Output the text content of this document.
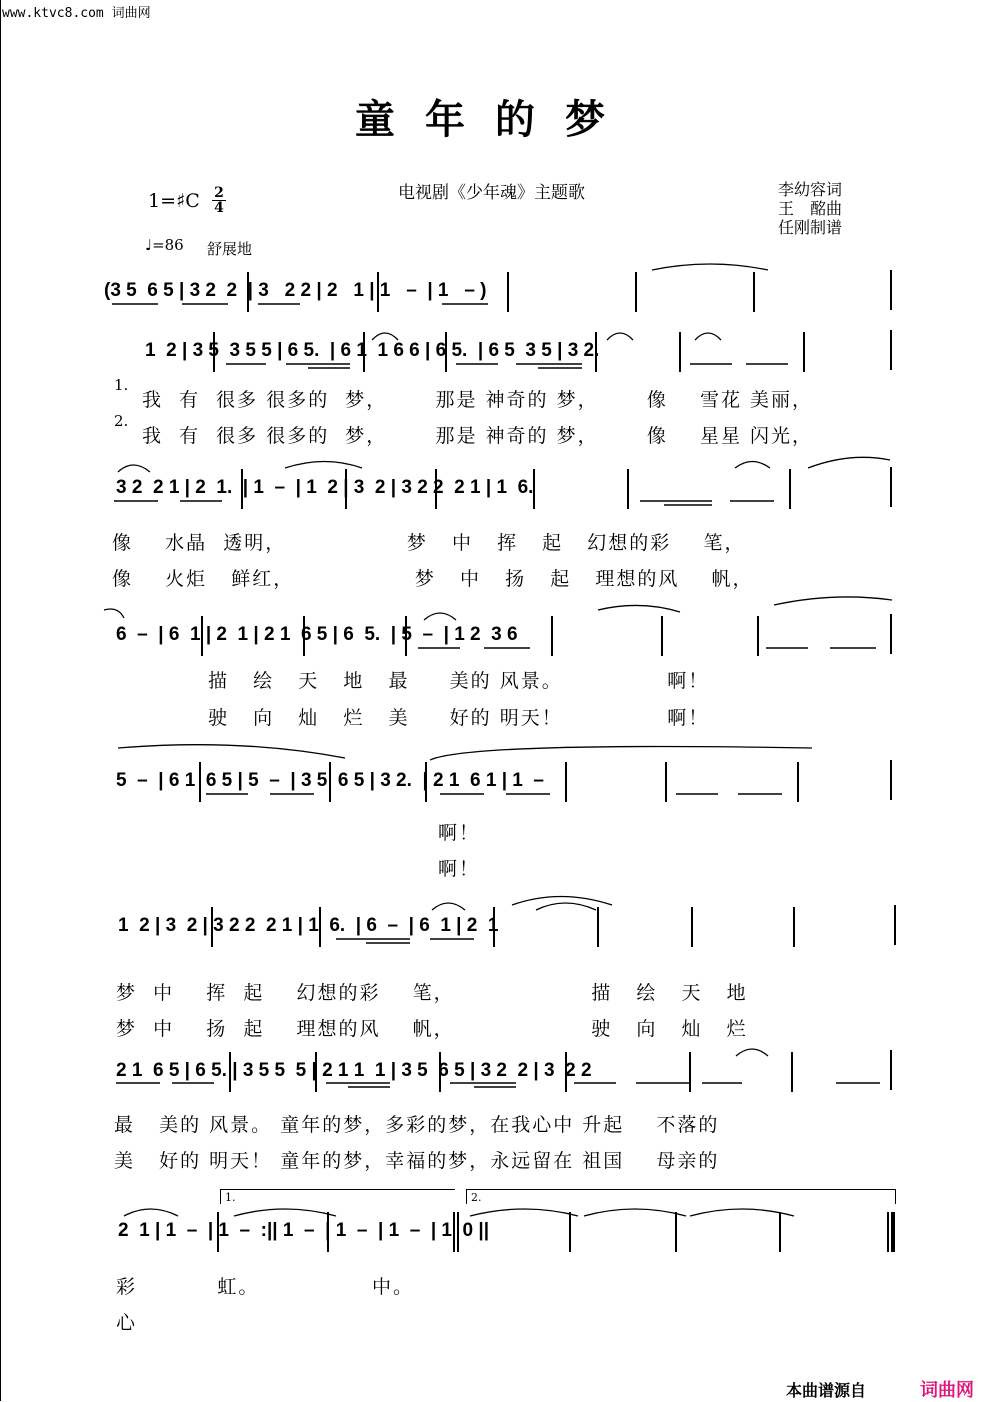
www.ktvc8.com 词曲网
童年的梦
电视剧《少年魂》主题歌	李幼容词
王　酩曲
任刚制谱
1=♯C $\frac{2}{4}$
♩=86 舒展地
(3 5  6 5 | 3 2  2  | 3   2 2 | 2   1 | 1   –  | 1   – )
1  2 | 3 5  3 5 5 | 6 5.  | 6 1  1 6 6 | 6 5.  | 6 5  3 5 | 3 2.
1.
2.
我  有  很多 很多的  梦，      那是 神奇的 梦，      像    雪花 美丽，
我  有  很多 很多的  梦，      那是 神奇的 梦，      像    星星 闪光，
3 2  2 1 | 2  1.  | 1  –  | 1  2 | 3  2 | 3 2 2  2 1 | 1  6.
像    水晶  透明，               梦   中   挥   起   幻想的彩    笔，
像    火炬   鲜红，               梦   中   扬   起   理想的风    帆，
6  –  | 6  1 | 2  1 | 2 1  6 5 | 6  5.  | 5  –  | 1 2  3 6
描   绘   天   地   最     美的 风景。             啊！
驶   向   灿   烂   美     好的 明天！             啊！
5  –  | 6 1  6 5 | 5  –  | 3 5  6 5 | 3 2.  | 2 1  6 1 | 1  –
啊！
啊！
1  2 | 3  2 | 3 2 2  2 1 | 1  6.  | 6  –  | 6  1 | 2  1
梦  中    挥  起    幻想的彩    笔，                 描   绘   天   地
梦  中    扬  起    理想的风    帆，                 驶   向   灿   烂
2 1  6 5 | 6 5. | 3 5 5  5 | 2 1 1  1 | 3 5  6 5 | 3 2  2 | 3  2 2
最   美的 风景。 童年的梦，多彩的梦，在我心中 升起    不落的
美   好的 明天！ 童年的梦，幸福的梦，永远留在 祖国    母亲的
1.	2.
2  1 | 1  –  | 1  –  :|| 1  –  | 1  –  | 1  –  | 1  0 ||
彩          虹。              中。
心
本曲谱源自	词曲网
